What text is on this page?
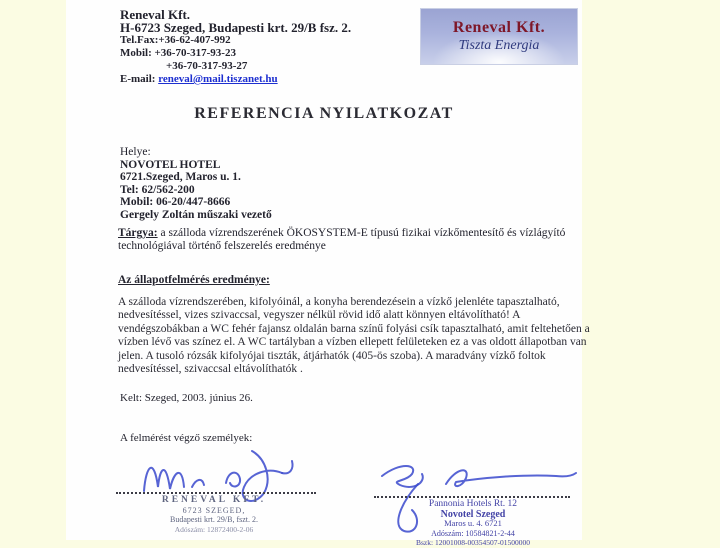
Reneval Kft.
H-6723 Szeged, Budapesti krt. 29/B fsz. 2.
Tel.Fax:+36-62-407-992
Mobil: +36-70-317-93-23
+36-70-317-93-27
E-mail: reneval@mail.tiszanet.hu
Reneval Kft.
Tiszta Energia
REFERENCIA NYILATKOZAT
Helye:
NOVOTEL HOTEL
6721.Szeged, Maros u. 1.
Tel: 62/562-200
Mobil: 06-20/447-8666
Gergely Zoltán műszaki vezető
Tárgya: a szálloda vízrendszerének ÖKOSYSTEM-E típusú fizikai vízkőmentesítő és vízlágyító technológiával történő felszerelés eredménye
Az állapotfelmérés eredménye:
A szálloda vízrendszerében, kifolyóinál, a konyha berendezésein a vízkő jelenléte tapasztalható, nedvesítéssel, vizes szivaccsal, vegyszer nélkül rövid idő alatt könnyen eltávolítható! A vendégszobákban a WC fehér fajansz oldalán barna színű folyási csík tapasztalható, amit feltehetően a vízben lévő vas színez el. A WC tartályban a vízben ellepett felületeken ez a vas oldott állapotban van jelen. A tusoló rózsák kifolyójai tiszták, átjárhatók (405-ös szoba). A maradvány vízkő foltok nedvesítéssel, szivaccsal eltávolíthatók .
Kelt: Szeged, 2003. június 26.
A felmérést végző személyek:
RENEVAL KFT.
6723 SZEGED,
Budapesti krt. 29/B, fszt. 2.
Adószám: 12872400-2-06
Pannonia Hotels Rt. 12
Novotel Szeged
Maros u. 4. 6721
Adószám: 10584821-2-44
Bszk: 12001008-00354507-01500000
